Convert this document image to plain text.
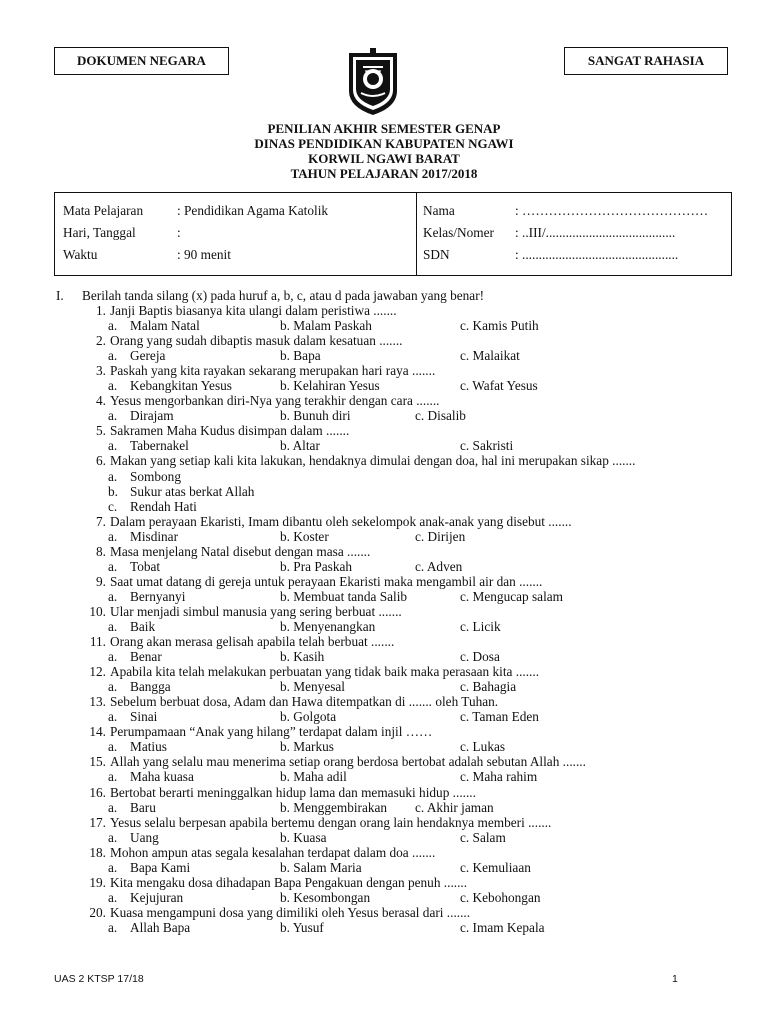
DOKUMEN NEGARA	SANGAT RAHASIA
PENILIAN AKHIR SEMESTER GENAP
DINAS PENDIDIKAN KABUPATEN NGAWI
KORWIL NGAWI BARAT
TAHUN PELAJARAN 2017/2018
Mata Pelajaran	: Pendidikan Agama Katolik
Hari, Tanggal	:
Waktu	: 90 menit
Nama	: ……………………………………
Kelas/Nomer : ..III/.......................................
SDN	: ...............................................
I. Berilah tanda silang (x) pada huruf a, b, c, atau d pada jawaban yang benar!
1. Janji Baptis biasanya kita ulangi dalam peristiwa .......
a. Malam Natal	b. Malam Paskah	c. Kamis Putih
2. Orang yang sudah dibaptis masuk dalam kesatuan .......
a. Gereja	b. Bapa	c. Malaikat
3. Paskah yang kita rayakan sekarang merupakan hari raya .......
a. Kebangkitan Yesus	b. Kelahiran Yesus	c. Wafat Yesus
4. Yesus mengorbankan diri-Nya yang terakhir dengan cara .......
a. Dirajam	b. Bunuh diri	c. Disalib
5. Sakramen Maha Kudus disimpan dalam .......
a. Tabernakel	b. Altar	c. Sakristi
6. Makan yang setiap kali kita lakukan, hendaknya dimulai dengan doa, hal ini merupakan sikap .......
a. Sombong
b. Sukur atas berkat Allah
c. Rendah Hati
7. Dalam perayaan Ekaristi, Imam dibantu oleh sekelompok anak-anak yang disebut .......
a. Misdinar	b. Koster	c. Dirijen
8. Masa menjelang Natal disebut dengan masa .......
a. Tobat	b. Pra Paskah	c. Adven
9. Saat umat datang di gereja untuk perayaan Ekaristi maka mengambil air dan .......
a. Bernyanyi	b. Membuat tanda Salib	c. Mengucap salam
10. Ular menjadi simbul manusia yang sering berbuat .......
a. Baik	b. Menyenangkan	c. Licik
11. Orang akan merasa gelisah apabila telah berbuat .......
a. Benar	b. Kasih	c. Dosa
12. Apabila kita telah melakukan perbuatan yang tidak baik maka perasaan kita .......
a. Bangga	b. Menyesal	c. Bahagia
13. Sebelum berbuat dosa, Adam dan Hawa ditempatkan di ....... oleh Tuhan.
a. Sinai	b. Golgota	c. Taman Eden
14. Perumpamaan “Anak yang hilang” terdapat dalam injil ……
a. Matius	b. Markus	c. Lukas
15. Allah yang selalu mau menerima setiap orang berdosa bertobat adalah sebutan Allah .......
a. Maha kuasa	b. Maha adil	c. Maha rahim
16. Bertobat berarti meninggalkan hidup lama dan memasuki hidup .......
a. Baru	b. Menggembirakan c. Akhir jaman
17. Yesus selalu berpesan apabila bertemu dengan orang lain hendaknya memberi .......
a. Uang	b. Kuasa	c. Salam
18. Mohon ampun atas segala kesalahan terdapat dalam doa .......
a. Bapa Kami	b. Salam Maria	c. Kemuliaan
19. Kita mengaku dosa dihadapan Bapa Pengakuan dengan penuh .......
a. Kejujuran	b. Kesombongan	c. Kebohongan
20. Kuasa mengampuni dosa yang dimiliki oleh Yesus berasal dari .......
a. Allah Bapa	b. Yusuf	c. Imam Kepala
UAS 2 KTSP 17/18	1
